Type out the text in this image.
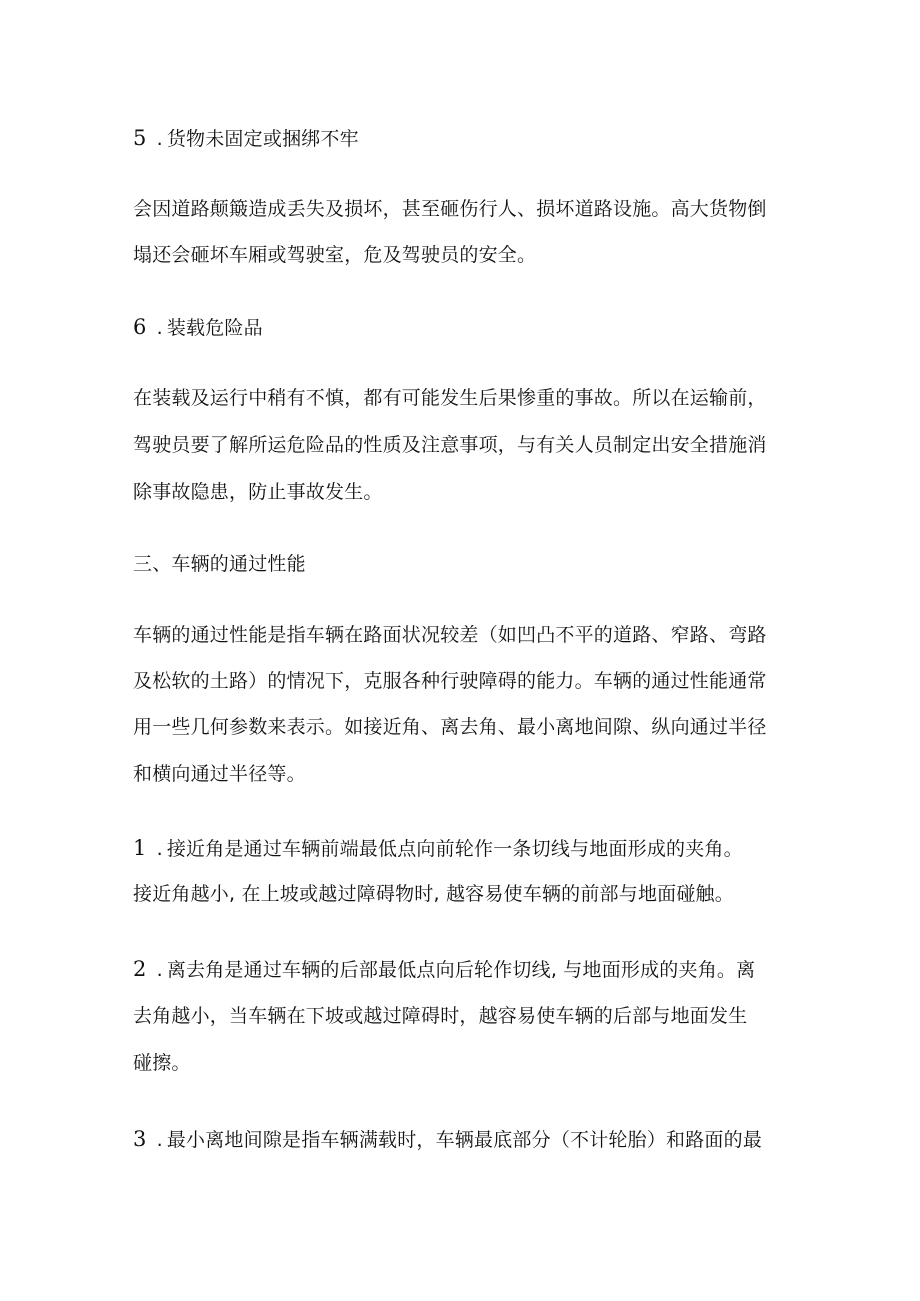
5 . 货物未固定或捆绑不牢
会因道路颠簸造成丢失及损坏，甚至砸伤行人、损坏道路设施。高大货物倒
塌还会砸坏车厢或驾驶室，危及驾驶员的安全。
6 . 装载危险品
在装载及运行中稍有不慎，都有可能发生后果惨重的事故。所以在运输前，
驾驶员要了解所运危险品的性质及注意事项，与有关人员制定出安全措施消
除事故隐患，防止事故发生。
三、车辆的通过性能
车辆的通过性能是指车辆在路面状况较差（如凹凸不平的道路、窄路、弯路
及松软的土路）的情况下，克服各种行驶障碍的能力。车辆的通过性能通常
用一些几何参数来表示。如接近角、离去角、最小离地间隙、纵向通过半径
和横向通过半径等。
1 . 接近角是通过车辆前端最低点向前轮作一条切线与地面形成的夹角。
接近角越小, 在上坡或越过障碍物时, 越容易使车辆的前部与地面碰触。
2 . 离去角是通过车辆的后部最低点向后轮作切线, 与地面形成的夹角。离
去角越小，当车辆在下坡或越过障碍时，越容易使车辆的后部与地面发生
碰擦。
3 . 最小离地间隙是指车辆满载时，车辆最底部分（不计轮胎）和路面的最
